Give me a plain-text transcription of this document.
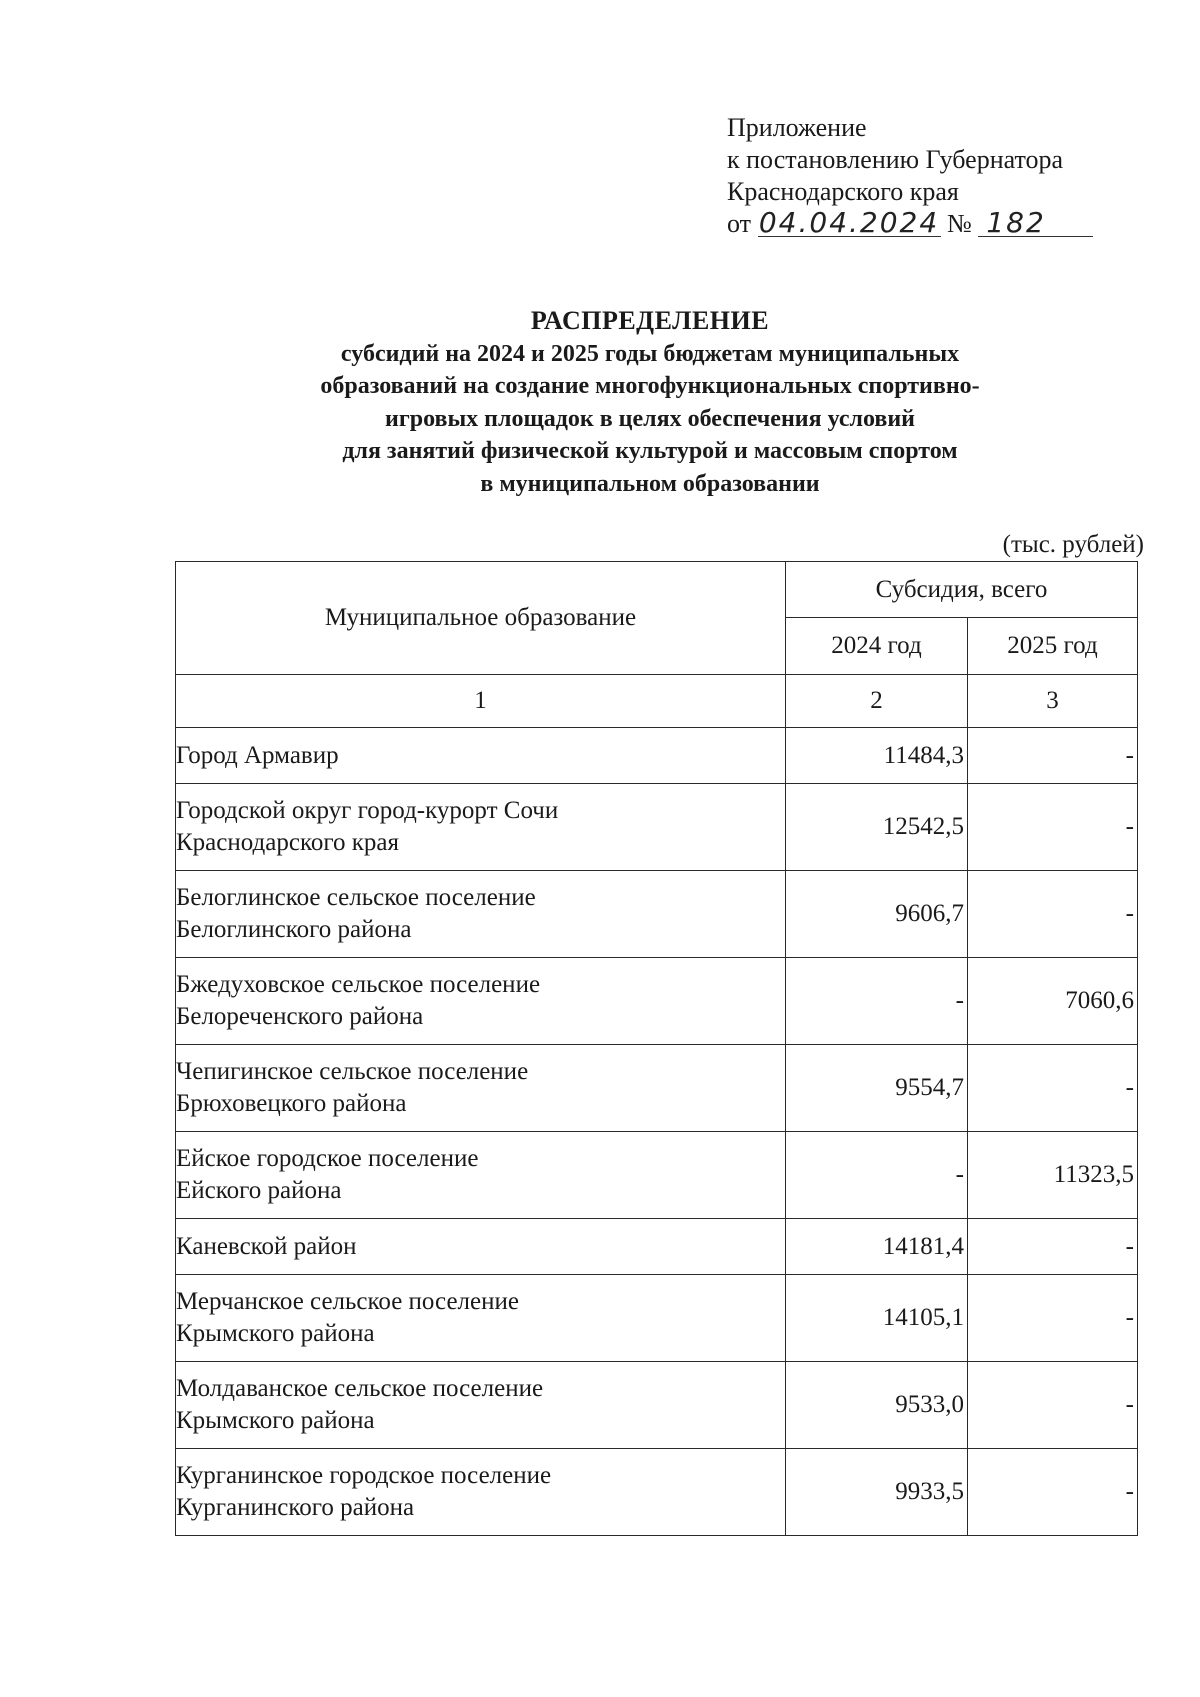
Приложение
к постановлению Губернатора
Краснодарского края
от 04.04.2024 № 182
РАСПРЕДЕЛЕНИЕ
субсидий на 2024 и 2025 годы бюджетам муниципальных
образований на создание многофункциональных спортивно-
игровых площадок в целях обеспечения условий
для занятий физической культурой и массовым спортом
в муниципальном образовании
(тыс. рублей)
Муниципальное образование	Субсидия, всего	
	2024 год	2025 год
1	2	3
Город Армавир	11484,3	-
Городской округ город-курорт Сочи
Краснодарского края	12542,5	-
Белоглинское сельское поселение
Белоглинского района	9606,7	-
Бжедуховское сельское поселение
Белореченского района	-	7060,6
Чепигинское сельское поселение
Брюховецкого района	9554,7	-
Ейское городское поселение
Ейского района	-	11323,5
Каневской район	14181,4	-
Мерчанское сельское поселение
Крымского района	14105,1	-
Молдаванское сельское поселение
Крымского района	9533,0	-
Курганинское городское поселение
Курганинского района	9933,5	-
